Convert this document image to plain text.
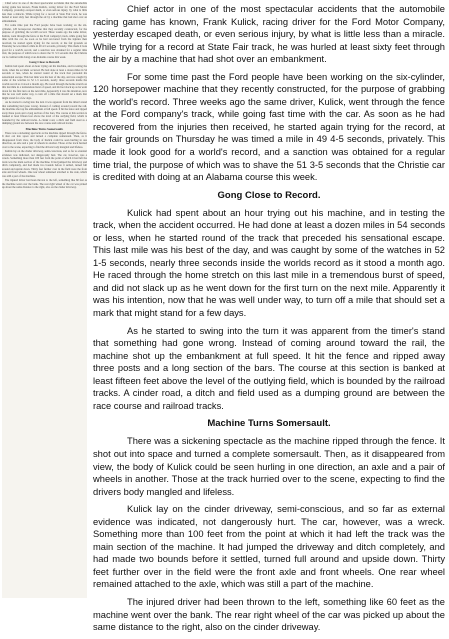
Chief actor in one of the most spectacular accidents that the automobile racing game has known, Frank Kulick, racing driver for the Ford Motor Company, yesterday escaped death, or even serious injury, by what is little less than a miracle. While trying for a record at State Fair track, he was hurled at least sixty feet through the air by a machine that had shot over an embankment.

For some time past the Ford people have been working on the six-cylinder, 120 horsepower machine that they recently constructed, for the purpose of grabbing the world's record. Three weeks ago the same driver, Kulick, went through the fence at the Ford company's track, while going fast time with the car. As soon as he had recovered from the injuries then received, he started again trying for the record, at the fair grounds on Thursday he was timed a mile in 49 4-5 seconds, privately. This made it look good for a world's record, and a sanction was obtained for a regular time trial, the purpose of which was to shave the 51 3-5 seconds that the Christie car is credited with doing at an Alabama course this week.

Gong Close to Record.

Kulick had spent about an hour trying out his machine, and in testing the track, when the accident occurred. He had done at least a dozen miles in 54 seconds or less, when he started round of the track that preceded his sensational escape. This last mile was his best of the day, and was caught by some of the watches in 52 1-5 seconds, nearly three seconds inside the worlds record as it stood a month ago. He raced through the home stretch on this last mile in a tremendous burst of speed, and did not slack up as he went down for the first turn on the next mile. Apparently it was his intention, now that he was well under way, to turn off a mile that should set a mark that might stand for a few days.

As he started to swing into the turn it was apparent from the timer's stand that something had gone wrong. Instead of coming around toward the rail, the machine shot up the embankment at full speed. It hit the fence and ripped away three posts and a long section of the bars. The course at this section is banked at least fifteen feet above the level of the outlying field, which is bounded by the railroad tracks. A cinder road, a ditch and field used as a dumping ground are between the race course and railroad tracks.

Machine Turns Somersault.

There was a sickening spectacle as the machine ripped through the fence. It shot out into space and turned a complete somersault. Then, as it disappeared from view, the body of Kulick could be seen hurling in one direction, an axle and a pair of wheels in another. Those at the track hurried over to the scene, expecting to find the drivers body mangled and lifeless.

Kulick lay on the cinder driveway, semi-conscious, and so far as external evidence was indicated, not dangerously hurt. The car, however, was a wreck. Something more than 100 feet from the point at which it had left the track was the main section of the machine. It had jumped the driveway and ditch completely, and had made two bounds before it settled, turned full around and upside down. Thirty feet further over in the field were the front axle and front wheels. One rear wheel remained attached to the axle, which was still a part of the machine.

The injured driver had been thrown to the left, something like 60 feet as the machine went over the bank. The rear right wheel of the car was picked up about the same distance to the right, also on the cinder driveway.

Chief actor in one of the most spectacular accidents that the automobile racing game has known, Frank Kulick, racing driver for the Ford Motor Company, yesterday escaped death, or even serious injury, by what is little less than a miracle. While trying for a record at State Fair track, he was hurled at least sixty feet through the air by a machine that had shot over an embankment.

For some time past the Ford people have been working on the six-cylinder, 120 horsepower machine that they recently constructed, for the purpose of grabbing the world's record. Three weeks ago the same driver, Kulick, went through the fence at the Ford company's track, while going fast time with the car. As soon as he had recovered from the injuries then received, he started again trying for the record, at the fair grounds on Thursday he was timed a mile in 49 4-5 seconds, privately. This made it look good for a world's record, and a sanction was obtained for a regular time trial, the purpose of which was to shave the 51 3-5 seconds that the Christie car is credited with doing at an Alabama course this week.

Gong Close to Record.

Kulick had spent about an hour trying out his machine, and in testing the track, when the accident occurred. He had done at least a dozen miles in 54 seconds or less, when he started round of the track that preceded his sensational escape. This last mile was his best of the day, and was caught by some of the watches in 52 1-5 seconds, nearly three seconds inside the worlds record as it stood a month ago. He raced through the home stretch on this last mile in a tremendous burst of speed, and did not slack up as he went down for the first turn on the next mile. Apparently it was his intention, now that he was well under way, to turn off a mile that should set a mark that might stand for a few days.

As he started to swing into the turn it was apparent from the timer's stand that something had gone wrong. Instead of coming around toward the rail, the machine shot up the embankment at full speed. It hit the fence and ripped away three posts and a long section of the bars. The course at this section is banked at least fifteen feet above the level of the outlying field, which is bounded by the railroad tracks. A cinder road, a ditch and field used as a dumping ground are between the race course and railroad tracks.

Machine Turns Somersault.

There was a sickening spectacle as the machine ripped through the fence. It shot out into space and turned a complete somersault. Then, as it disappeared from view, the body of Kulick could be seen hurling in one direction, an axle and a pair of wheels in another. Those at the track hurried over to the scene, expecting to find the drivers body mangled and lifeless.

Kulick lay on the cinder driveway, semi-conscious, and so far as external evidence was indicated, not dangerously hurt. The car, however, was a wreck. Something more than 100 feet from the point at which it had left the track was the main section of the machine. It had jumped the driveway and ditch completely, and had made two bounds before it settled, turned full around and upside down. Thirty feet further over in the field were the front axle and front wheels. One rear wheel remained attached to the axle, which was still a part of the machine.

The injured driver had been thrown to the left, something like 60 feet as the machine went over the bank. The rear right wheel of the car was picked up about the same distance to the right, also on the cinder driveway.
